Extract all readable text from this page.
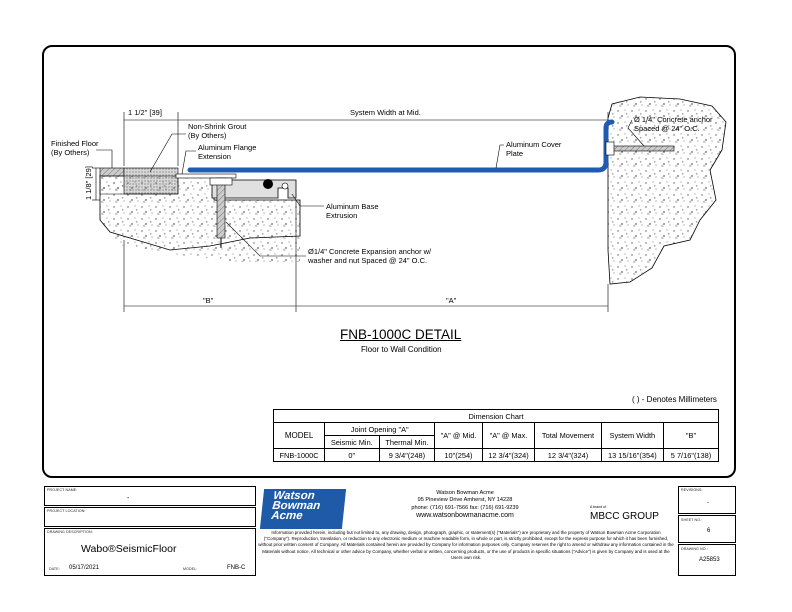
1 1/2" [39]	System Width at Mid.
Finished Floor (By Others)
Non-Shrink Grout (By Others)
Aluminum Flange Extension
Aluminum Cover Plate
Ø 1/4" Concrete anchor Spaced @ 24" O.C.
Aluminum Base Extrusion
Ø1/4" Concrete Expansion anchor w/ washer and nut Spaced @ 24" O.C.
1 1/8" [29]
"B"	"A"
FNB-1000C DETAIL
Floor to Wall Condition
( ) - Denotes Millimeters
Dimension Chart							
MODEL	Joint Opening "A"		"A" @ Mid.	"A" @ Max.	Total Movement	System Width	"B"
	Seismic Min.	Thermal Min.					
FNB-1000C	0"	9 3/4"(248)	10"(254)	12 3/4"(324)	12 3/4"(324)	13 15/16"(354)	5 7/16"(138)
PROJECT NAME:
-
PROJECT LOCATION:
DRAWING DESCRIPTION:
Wabo®SeismicFloor
DATE: 05/17/2021	MODEL:	FNB-C
Watson
Bowman
Acme
Watson Bowman Acme
95 Pineview Drive Amherst, NY 14228
phone: (716) 691-7566 fax: (716) 691-9239
www.watsonbowmanacme.com
A brand of
MBCC GROUP
Information provided herein, including but not limited to, any drawing, design, photograph, graphic, or statement(s) ("Materials") are proprietary and the property of Watson Bowman Acme Corporation ("Company"). Reproduction, translation, or reduction to any electronic medium or machine readable form, in whole or part, is strictly prohibited, except for the express purpose for which it has been furnished, without prior written consent of Company. All Materials contained herein are provided by Company for information purposes only. Company reserves the right to amend or withdraw any information contained in the Materials without notice. All technical or other advice by Company, whether verbal or written, concerning products, or the use of products in specific situations ("Advice") is given by Company and is used at the Users own risk.
REVISIONS:
-
SHEET NO.:
6
DRAWING NO.:
A25853
